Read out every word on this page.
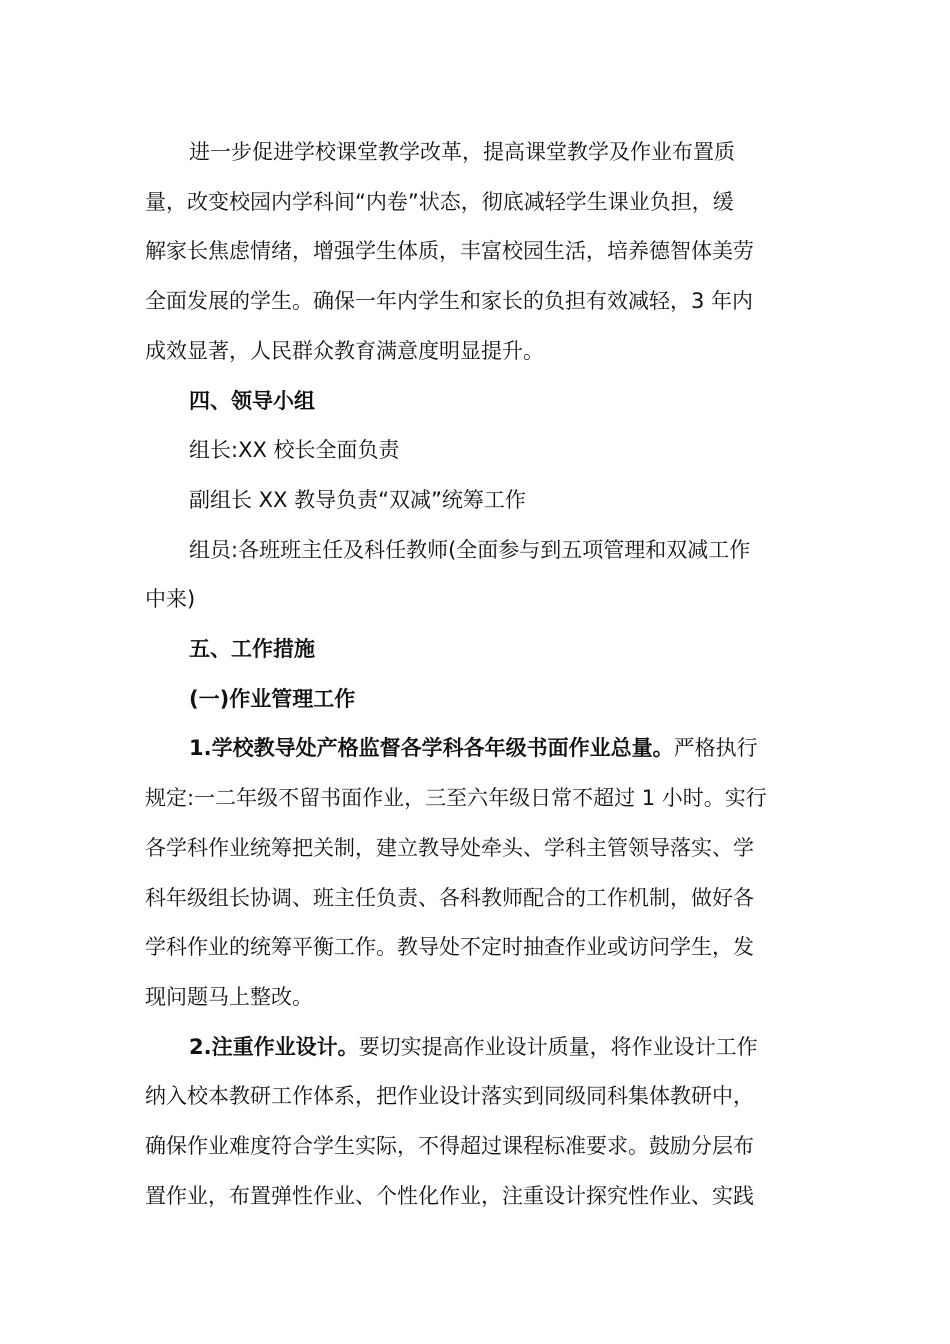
进一步促进学校课堂教学改革，提高课堂教学及作业布置质
量，改变校园内学科间“内卷”状态，彻底减轻学生课业负担，缓
解家长焦虑情绪，增强学生体质，丰富校园生活，培养德智体美劳
全面发展的学生。确保一年内学生和家长的负担有效减轻，3 年内
成效显著，人民群众教育满意度明显提升。

四、领导小组

组长:XX 校长全面负责

副组长 XX 教导负责“双减”统筹工作

组员:各班班主任及科任教师(全面参与到五项管理和双减工作
中来)

五、工作措施

(一)作业管理工作

1.学校教导处产格监督各学科各年级书面作业总量。严格执行
规定:一二年级不留书面作业，三至六年级日常不超过 1 小时。实行
各学科作业统筹把关制，建立教导处牵头、学科主管领导落实、学
科年级组长协调、班主任负责、各科教师配合的工作机制，做好各
学科作业的统筹平衡工作。教导处不定时抽查作业或访问学生，发
现问题马上整改。

2.注重作业设计。要切实提高作业设计质量，将作业设计工作
纳入校本教研工作体系，把作业设计落实到同级同科集体教研中，
确保作业难度符合学生实际，不得超过课程标准要求。鼓励分层布
置作业，布置弹性作业、个性化作业，注重设计探究性作业、实践
